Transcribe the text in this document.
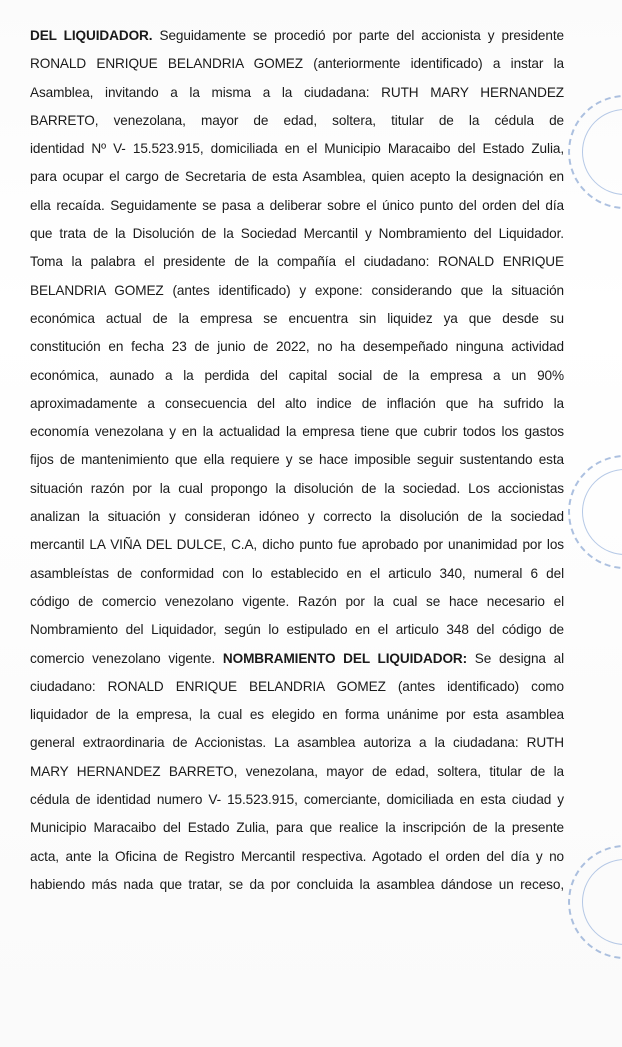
DEL LIQUIDADOR. Seguidamente se procedió por parte del accionista y presidente
RONALD ENRIQUE BELANDRIA GOMEZ (anteriormente identificado) a instar la
Asamblea, invitando a la misma a la ciudadana: RUTH MARY HERNANDEZ
BARRETO, venezolana, mayor de edad, soltera, titular de la cédula de
identidad Nº V- 15.523.915, domiciliada en el Municipio Maracaibo del Estado Zulia,
para ocupar el cargo de Secretaria de esta Asamblea, quien acepto la designación en
ella recaída. Seguidamente se pasa a deliberar sobre el único punto del orden del día
que trata de la Disolución de la Sociedad Mercantil y Nombramiento del Liquidador.
Toma la palabra el presidente de la compañía el ciudadano: RONALD ENRIQUE
BELANDRIA GOMEZ (antes identificado) y expone: considerando que la situación
económica actual de la empresa se encuentra sin liquidez ya que desde su
constitución en fecha 23 de junio de 2022, no ha desempeñado ninguna actividad
económica, aunado a la perdida del capital social de la empresa a un 90%
aproximadamente a consecuencia del alto indice de inflación que ha sufrido la
economía venezolana y en la actualidad la empresa tiene que cubrir todos los gastos
fijos de mantenimiento que ella requiere y se hace imposible seguir sustentando esta
situación razón por la cual propongo la disolución de la sociedad. Los accionistas
analizan la situación y consideran idóneo y correcto la disolución de la sociedad
mercantil LA VIÑA DEL DULCE, C.A, dicho punto fue aprobado por unanimidad por los
asambleístas de conformidad con lo establecido en el articulo 340, numeral 6 del
código de comercio venezolano vigente. Razón por la cual se hace necesario el
Nombramiento del Liquidador, según lo estipulado en el articulo 348 del código de
comercio venezolano vigente. NOMBRAMIENTO DEL LIQUIDADOR: Se designa al
ciudadano: RONALD ENRIQUE BELANDRIA GOMEZ (antes identificado) como
liquidador de la empresa, la cual es elegido en forma unánime por esta asamblea
general extraordinaria de Accionistas. La asamblea autoriza a la ciudadana: RUTH
MARY HERNANDEZ BARRETO, venezolana, mayor de edad, soltera, titular de la
cédula de identidad numero V- 15.523.915, comerciante, domiciliada en esta ciudad y
Municipio Maracaibo del Estado Zulia, para que realice la inscripción de la presente
acta, ante la Oficina de Registro Mercantil respectiva. Agotado el orden del día y no
habiendo más nada que tratar, se da por concluida la asamblea dándose un receso,
